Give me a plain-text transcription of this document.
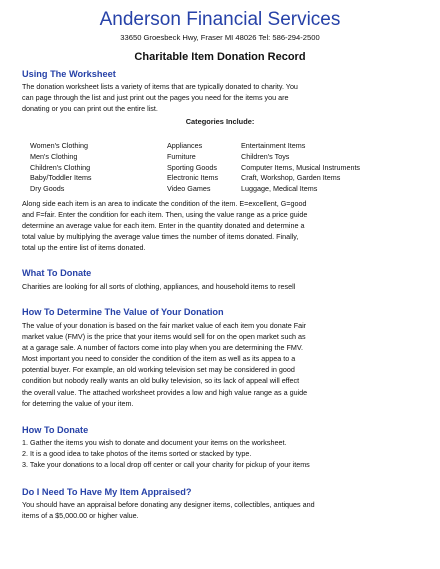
Anderson Financial Services
33650 Groesbeck Hwy, Fraser MI 48026 Tel: 586-294-2500
Charitable Item Donation Record
Using The Worksheet
The donation worksheet lists a variety of items that are typically donated to charity. You
can page through the list and just print out the pages you need for the items you are
donating or you can print out the entire list.
Categories Include:
Women's Clothing
Men's Clothing
Children's Clothing
Baby/Toddler Items
Dry Goods
Appliances
Furniture
Sporting Goods
Electronic Items
Video Games
Entertainment Items
Children's Toys
Computer Items, Musical Instruments
Craft, Workshop, Garden Items
Luggage, Medical Items
Along side each item is an area to indicate the condition of the item. E=excellent, G=good
and F=fair. Enter the condition for each item. Then, using the value range as a price guide
determine an average value for each item. Enter in the quantity donated and determine a
total value by multiplying the average value times the number of items donated. Finally,
total up the entire list of items donated.
What To Donate
Charities are looking for all sorts of clothing, appliances, and household items to resell
How To Determine The Value of Your Donation
The value of your donation is based on the fair market value of each item you donate Fair
market value (FMV) is the price that your items would sell for on the open market such as
at a garage sale. A number of factors come into play when you are determining the FMV.
Most important you need to consider the condition of the item as well as its appea to a
potential buyer. For example, an old working television set may be considered in good
condition but nobody really wants an old bulky television, so its lack of appeal will effect
the overall value. The attached worksheet provides a low and high value range as a guide
for deterring the value of your item.
How To Donate
1. Gather the items you wish to donate and document your items on the worksheet.
2. It is a good idea to take photos of the items sorted or stacked by type.
3. Take your donations to a local drop off center or call your charity for pickup of your items
Do I Need To Have My Item Appraised?
You should have an appraisal before donating any designer items, collectibles, antiques and
items of a $5,000.00 or higher value.
